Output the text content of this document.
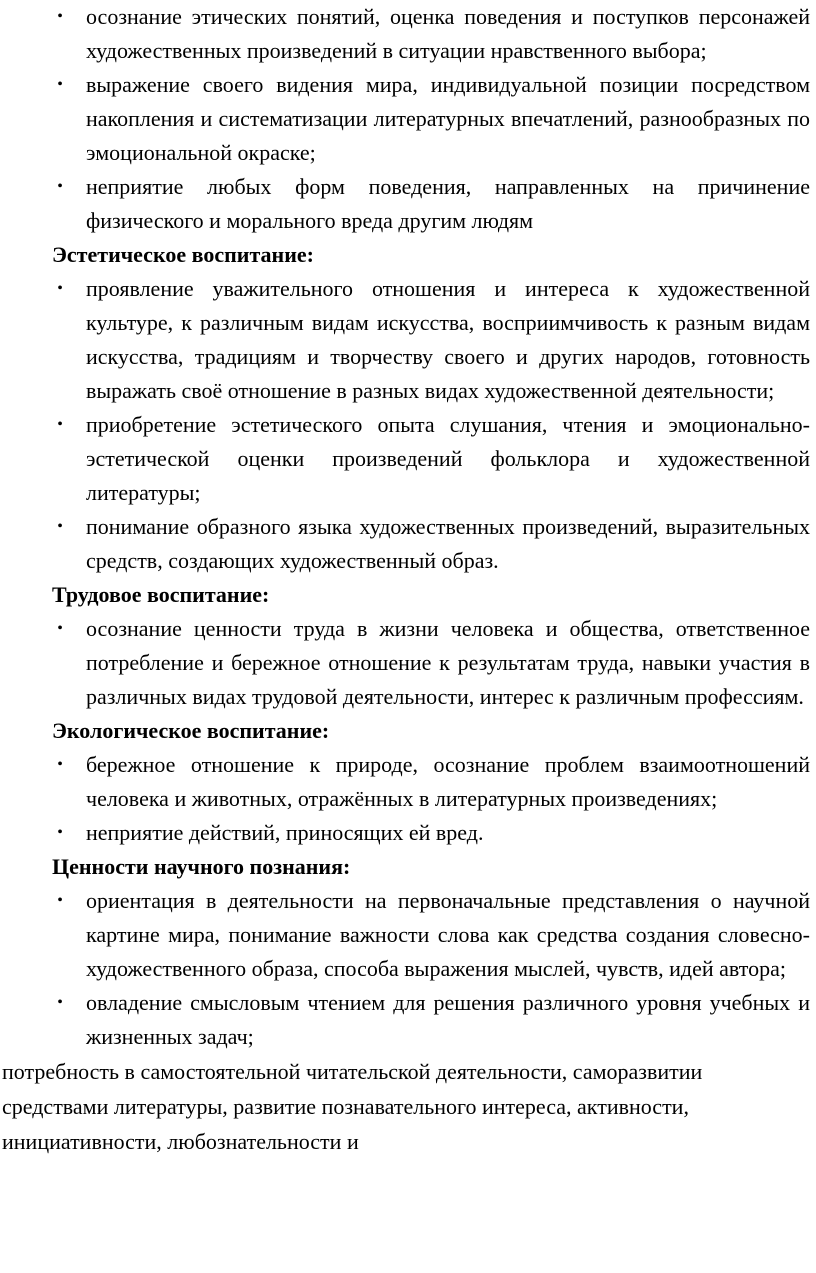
• осознание этических понятий, оценка поведения и поступков персонажей художественных произведений в ситуации нравственного выбора;
• выражение своего видения мира, индивидуальной позиции посредством накопления и систематизации литературных впечатлений, разнообразных по эмоциональной окраске;
• неприятие любых форм поведения, направленных на причинение физического и морального вреда другим людям
Эстетическое воспитание:
• проявление уважительного отношения и интереса к художественной культуре, к различным видам искусства, восприимчивость к разным видам искусства, традициям и творчеству своего и других народов, готовность выражать своё отношение в разных видах художественной деятельности;
• приобретение эстетического опыта слушания, чтения и эмоционально-эстетической оценки произведений фольклора и художественной литературы;
• понимание образного языка художественных произведений, выразительных средств, создающих художественный образ.
Трудовое воспитание:
• осознание ценности труда в жизни человека и общества, ответственное потребление и бережное отношение к результатам труда, навыки участия в различных видах трудовой деятельности, интерес к различным профессиям.
Экологическое воспитание:
• бережное отношение к природе, осознание проблем взаимоотношений человека и животных, отражённых в литературных произведениях;
• неприятие действий, приносящих ей вред.
Ценности научного познания:
• ориентация в деятельности на первоначальные представления о научной картине мира, понимание важности слова как средства создания словесно-художественного образа, способа выражения мыслей, чувств, идей автора;
• овладение смысловым чтением для решения различного уровня учебных и жизненных задач;
потребность в самостоятельной читательской деятельности, саморазвитии
средствами литературы, развитие познавательного интереса, активности,
инициативности, любознательности и
